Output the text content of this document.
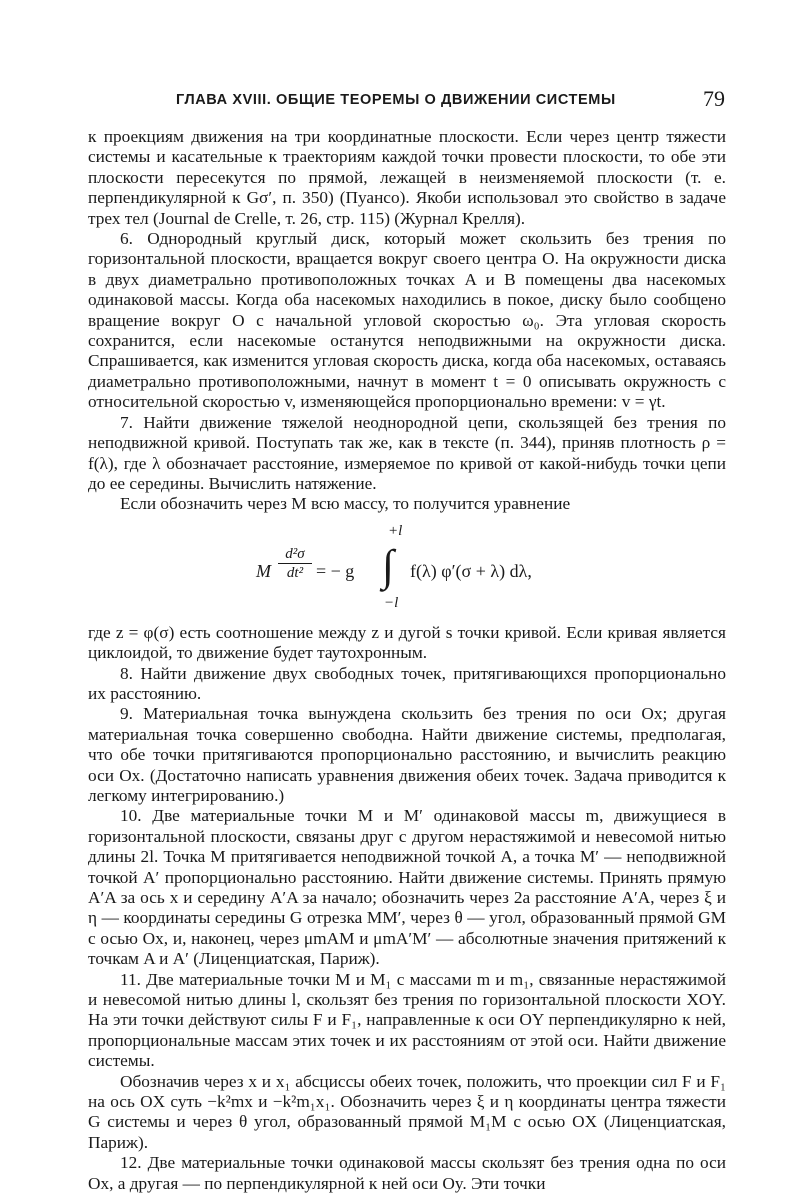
ГЛАВА XVIII. ОБЩИЕ ТЕОРЕМЫ О ДВИЖЕНИИ СИСТЕМЫ	79

к проекциям движения на три координатные плоскости. Если через центр тяжести системы и касательные к траекториям каждой точки провести плоскости, то обе эти плоскости пересекутся по прямой, лежащей в неизменяемой плоскости (т. е. перпендикулярной к Gσ′, п. 350) (Пуансо). Якоби использовал это свойство в задаче трех тел (Journal de Crelle, т. 26, стр. 115) (Журнал Крелля).

6. Однородный круглый диск, который может скользить без трения по горизонтальной плоскости, вращается вокруг своего центра O. На окружности диска в двух диаметрально противоположных точках A и B помещены два насекомых одинаковой массы. Когда оба насекомых находились в покое, диску было сообщено вращение вокруг O с начальной угловой скоростью ω₀. Эта угловая скорость сохранится, если насекомые останутся неподвижными на окружности диска. Спрашивается, как изменится угловая скорость диска, когда оба насекомых, оставаясь диаметрально противоположными, начнут в момент t = 0 описывать окружность с относительной скоростью v, изменяющейся пропорционально времени: v = γt.

7. Найти движение тяжелой неоднородной цепи, скользящей без трения по неподвижной кривой. Поступать так же, как в тексте (п. 344), приняв плотность ρ = f(λ), где λ обозначает расстояние, измеряемое по кривой от какой-нибудь точки цепи до ее середины. Вычислить натяжение.

Если обозначить через M всю массу, то получится уравнение

M $\frac{\text{d²σ}}{\text{dt²}}$ = − g
+l
∫
−l
f(λ) φ′(σ + λ) dλ,

где z = φ(σ) есть соотношение между z и дугой s точки кривой. Если кривая является циклоидой, то движение будет таутохронным.

8. Найти движение двух свободных точек, притягивающихся пропорционально их расстоянию.

9. Материальная точка вынуждена скользить без трения по оси Ox; другая материальная точка совершенно свободна. Найти движение системы, предполагая, что обе точки притягиваются пропорционально расстоянию, и вычислить реакцию оси Ox. (Достаточно написать уравнения движения обеих точек. Задача приводится к легкому интегрированию.)

10. Две материальные точки M и M′ одинаковой массы m, движущиеся в горизонтальной плоскости, связаны друг с другом нерастяжимой и невесомой нитью длины 2l. Точка M притягивается неподвижной точкой A, а точка M′ — неподвижной точкой A′ пропорционально расстоянию. Найти движение системы. Принять прямую A′A за ось x и середину A′A за начало; обозначить через 2a расстояние A′A, через ξ и η — координаты середины G отрезка MM′, через θ — угол, образованный прямой GM с осью Ox, и, наконец, через μmAM и μmA′M′ — абсолютные значения притяжений к точкам A и A′ (Лиценциатская, Париж).

11. Две материальные точки M и M₁ с массами m и m₁, связанные нерастяжимой и невесомой нитью длины l, скользят без трения по горизонтальной плоскости XOY. На эти точки действуют силы F и F₁, направленные к оси OY перпендикулярно к ней, пропорциональные массам этих точек и их расстояниям от этой оси. Найти движение системы.

Обозначив через x и x₁ абсциссы обеих точек, положить, что проекции сил F и F₁ на ось OX суть −k²mx и −k²m₁x₁. Обозначить через ξ и η координаты центра тяжести G системы и через θ угол, образованный прямой M₁M с осью OX (Лиценциатская, Париж).

12. Две материальные точки одинаковой массы скользят без трения одна по оси Ox, а другая — по перпендикулярной к ней оси Oy. Эти точки
